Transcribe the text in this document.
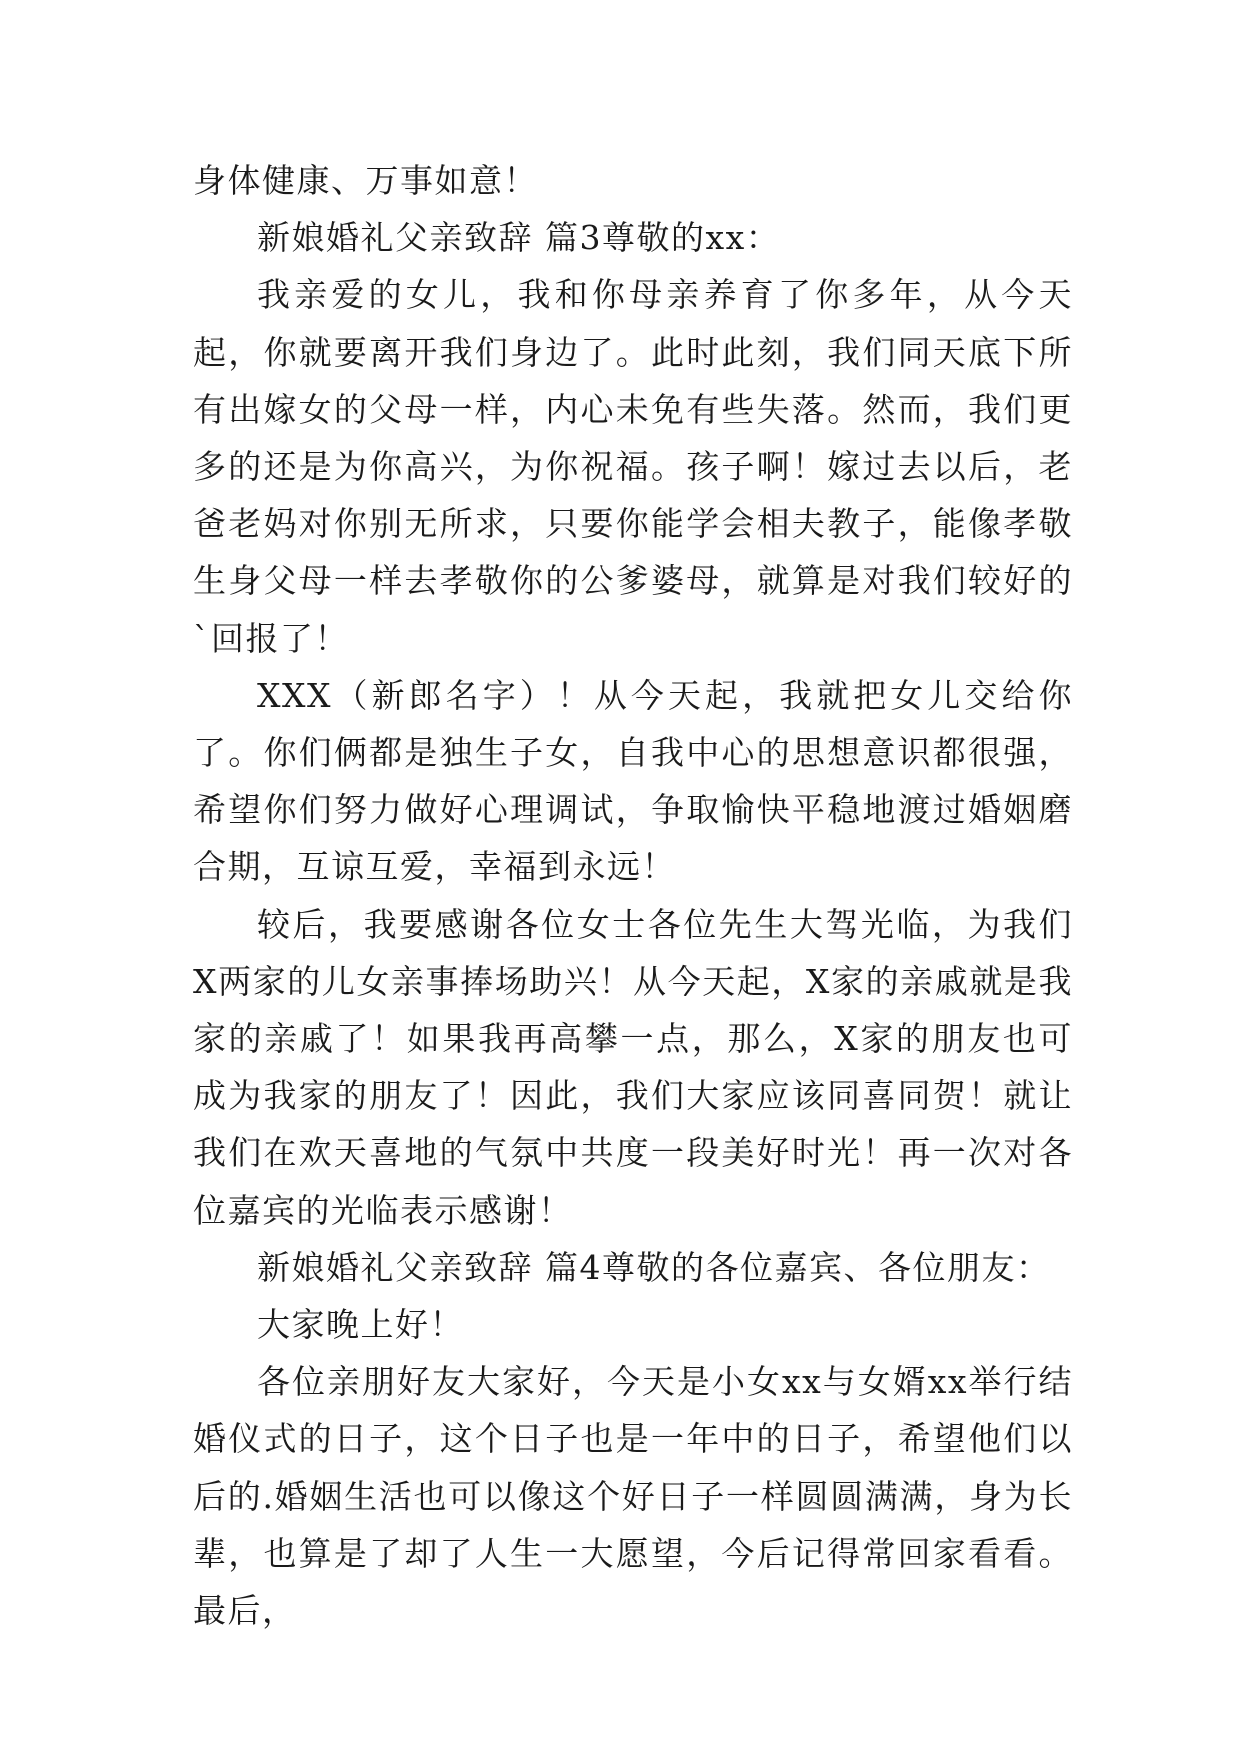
身体健康、万事如意！

新娘婚礼父亲致辞 篇3尊敬的xx：

我亲爱的女儿，我和你母亲养育了你多年，从今天起，你就要离开我们身边了。此时此刻，我们同天底下所有出嫁女的父母一样，内心未免有些失落。然而，我们更多的还是为你高兴，为你祝福。孩子啊！嫁过去以后，老爸老妈对你别无所求，只要你能学会相夫教子，能像孝敬生身父母一样去孝敬你的公爹婆母，就算是对我们较好的`回报了！

XXX（新郎名字）！从今天起，我就把女儿交给你了。你们俩都是独生子女，自我中心的思想意识都很强，希望你们努力做好心理调试，争取愉快平稳地渡过婚姻磨合期，互谅互爱，幸福到永远！

较后，我要感谢各位女士各位先生大驾光临，为我们X两家的儿女亲事捧场助兴！从今天起，X家的亲戚就是我家的亲戚了！如果我再高攀一点，那么，X家的朋友也可成为我家的朋友了！因此，我们大家应该同喜同贺！就让我们在欢天喜地的气氛中共度一段美好时光！再一次对各位嘉宾的光临表示感谢！

新娘婚礼父亲致辞 篇4尊敬的各位嘉宾、各位朋友：

大家晚上好！

各位亲朋好友大家好，今天是小女xx与女婿xx举行结婚仪式的日子，这个日子也是一年中的日子，希望他们以后的.婚姻生活也可以像这个好日子一样圆圆满满，身为长辈，也算是了却了人生一大愿望，今后记得常回家看看。最后，
